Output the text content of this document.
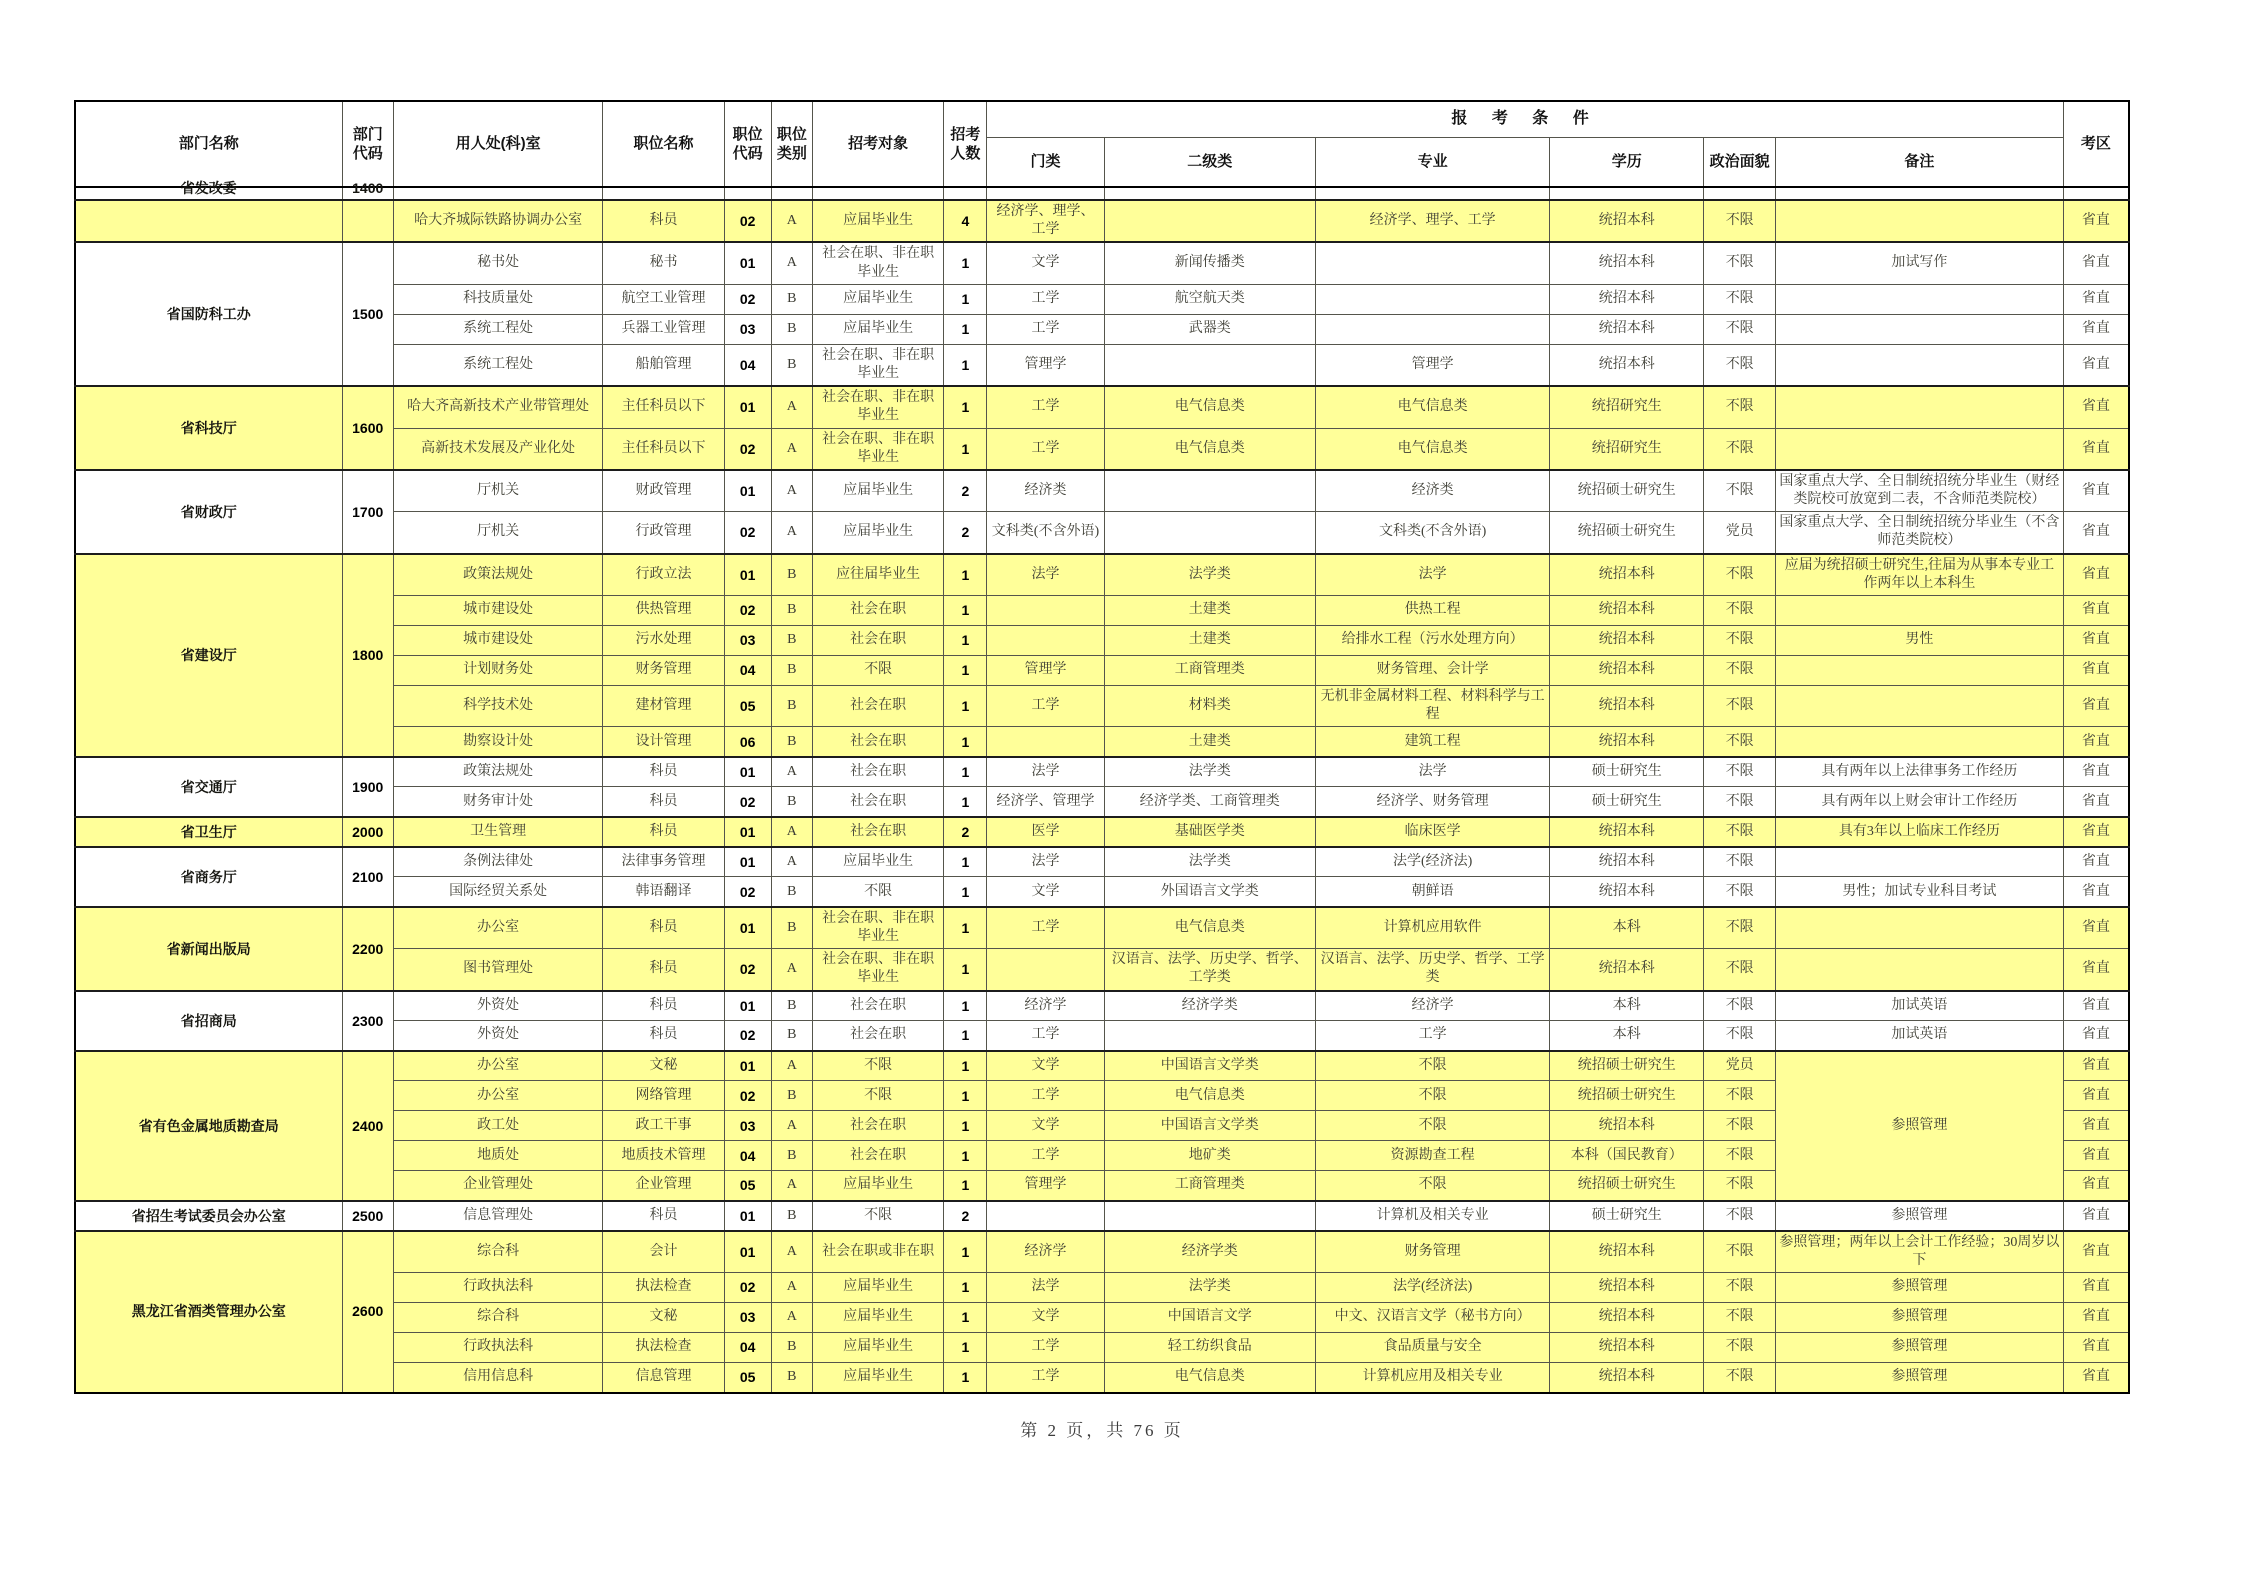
部门名称	部门代码	用人处(科)室	职位名称	职位代码	职位类别	招考对象	招考人数	报 考 条 件						考区
								门类	二级类	专业	学历	政治面貌	备注	

省发改委	1400													

		哈大齐城际铁路协调办公室	科员	02	A	应届毕业生	4	经济学、理学、工学		经济学、理学、工学	统招本科	不限		省直
省国防科工办	1500	秘书处	秘书	01	A	社会在职、非在职毕业生	1	文学	新闻传播类		统招本科	不限	加试写作	省直
		科技质量处	航空工业管理	02	B	应届毕业生	1	工学	航空航天类		统招本科	不限		省直
		系统工程处	兵器工业管理	03	B	应届毕业生	1	工学	武器类		统招本科	不限		省直
		系统工程处	船舶管理	04	B	社会在职、非在职毕业生	1	管理学		管理学	统招本科	不限		省直
省科技厅	1600	哈大齐高新技术产业带管理处	主任科员以下	01	A	社会在职、非在职毕业生	1	工学	电气信息类	电气信息类	统招研究生	不限		省直
		高新技术发展及产业化处	主任科员以下	02	A	社会在职、非在职毕业生	1	工学	电气信息类	电气信息类	统招研究生	不限		省直
省财政厅	1700	厅机关	财政管理	01	A	应届毕业生	2	经济类		经济类	统招硕士研究生	不限	国家重点大学、全日制统招统分毕业生（财经类院校可放宽到二表，不含师范类院校）	省直
		厅机关	行政管理	02	A	应届毕业生	2	文科类(不含外语)		文科类(不含外语)	统招硕士研究生	党员	国家重点大学、全日制统招统分毕业生（不含师范类院校）	省直
省建设厅	1800	政策法规处	行政立法	01	B	应往届毕业生	1	法学	法学类	法学	统招本科	不限	应届为统招硕士研究生,往届为从事本专业工作两年以上本科生	省直
		城市建设处	供热管理	02	B	社会在职	1		土建类	供热工程	统招本科	不限		省直
		城市建设处	污水处理	03	B	社会在职	1		土建类	给排水工程（污水处理方向）	统招本科	不限	男性	省直
		计划财务处	财务管理	04	B	不限	1	管理学	工商管理类	财务管理、会计学	统招本科	不限		省直
		科学技术处	建材管理	05	B	社会在职	1	工学	材料类	无机非金属材料工程、材料科学与工程	统招本科	不限		省直
		勘察设计处	设计管理	06	B	社会在职	1		土建类	建筑工程	统招本科	不限		省直
省交通厅	1900	政策法规处	科员	01	A	社会在职	1	法学	法学类	法学	硕士研究生	不限	具有两年以上法律事务工作经历	省直
		财务审计处	科员	02	B	社会在职	1	经济学、管理学	经济学类、工商管理类	经济学、财务管理	硕士研究生	不限	具有两年以上财会审计工作经历	省直
省卫生厅	2000	卫生管理	科员	01	A	社会在职	2	医学	基础医学类	临床医学	统招本科	不限	具有3年以上临床工作经历	省直
省商务厅	2100	条例法律处	法律事务管理	01	A	应届毕业生	1	法学	法学类	法学(经济法)	统招本科	不限		省直
		国际经贸关系处	韩语翻译	02	B	不限	1	文学	外国语言文学类	朝鲜语	统招本科	不限	男性；加试专业科目考试	省直
省新闻出版局	2200	办公室	科员	01	B	社会在职、非在职毕业生	1	工学	电气信息类	计算机应用软件	本科	不限		省直
		图书管理处	科员	02	A	社会在职、非在职毕业生	1		汉语言、法学、历史学、哲学、工学类	汉语言、法学、历史学、哲学、工学类	统招本科	不限		省直
省招商局	2300	外资处	科员	01	B	社会在职	1	经济学	经济学类	经济学	本科	不限	加试英语	省直
		外资处	科员	02	B	社会在职	1	工学		工学	本科	不限	加试英语	省直
省有色金属地质勘查局	2400	办公室	文秘	01	A	不限	1	文学	中国语言文学类	不限	统招硕士研究生	党员	参照管理	省直
		办公室	网络管理	02	B	不限	1	工学	电气信息类	不限	统招硕士研究生	不限		省直
		政工处	政工干事	03	A	社会在职	1	文学	中国语言文学类	不限	统招本科	不限		省直
		地质处	地质技术管理	04	B	社会在职	1	工学	地矿类	资源勘查工程	本科（国民教育）	不限		省直
		企业管理处	企业管理	05	A	应届毕业生	1	管理学	工商管理类	不限	统招硕士研究生	不限		省直
省招生考试委员会办公室	2500	信息管理处	科员	01	B	不限	2			计算机及相关专业	硕士研究生	不限	参照管理	省直
黑龙江省酒类管理办公室	2600	综合科	会计	01	A	社会在职或非在职	1	经济学	经济学类	财务管理	统招本科	不限	参照管理；两年以上会计工作经验；30周岁以下	省直
		行政执法科	执法检查	02	A	应届毕业生	1	法学	法学类	法学(经济法)	统招本科	不限	参照管理	省直
		综合科	文秘	03	A	应届毕业生	1	文学	中国语言文学	中文、汉语言文学（秘书方向）	统招本科	不限	参照管理	省直
		行政执法科	执法检查	04	B	应届毕业生	1	工学	轻工纺织食品	食品质量与安全	统招本科	不限	参照管理	省直
		信用信息科	信息管理	05	B	应届毕业生	1	工学	电气信息类	计算机应用及相关专业	统招本科	不限	参照管理	省直
第 2 页，共 76 页
